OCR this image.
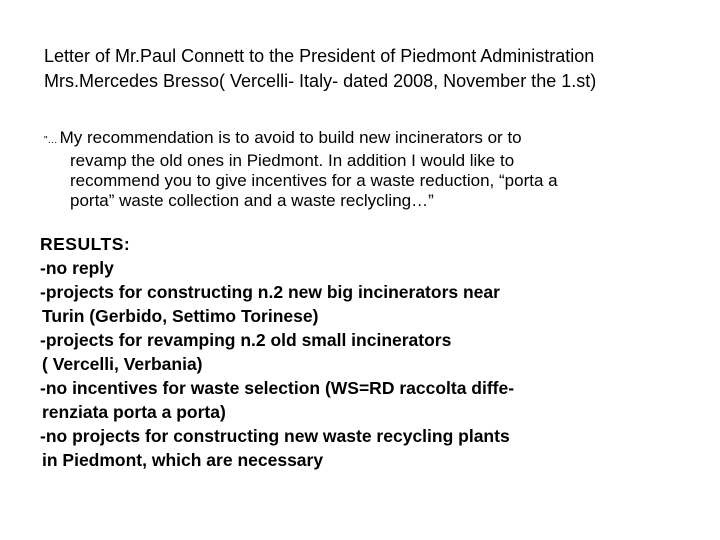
Letter of Mr.Paul Connett to the President of Piedmont Administration
Mrs.Mercedes Bresso( Vercelli- Italy- dated 2008, November the 1.st)
"… My recommendation is to avoid to build new incinerators or to
revamp the old ones in Piedmont. In addition I would like to
recommend you to give incentives for a waste reduction, “porta a
porta” waste collection and a waste reclycling…”
RESULTS:
-no reply
-projects for constructing n.2 new big incinerators near
Turin (Gerbido, Settimo Torinese)
-projects for revamping n.2 old small incinerators
( Vercelli, Verbania)
-no incentives for waste selection (WS=RD raccolta diffe-
renziata porta a porta)
-no projects for constructing new waste recycling plants
in Piedmont, which are necessary
